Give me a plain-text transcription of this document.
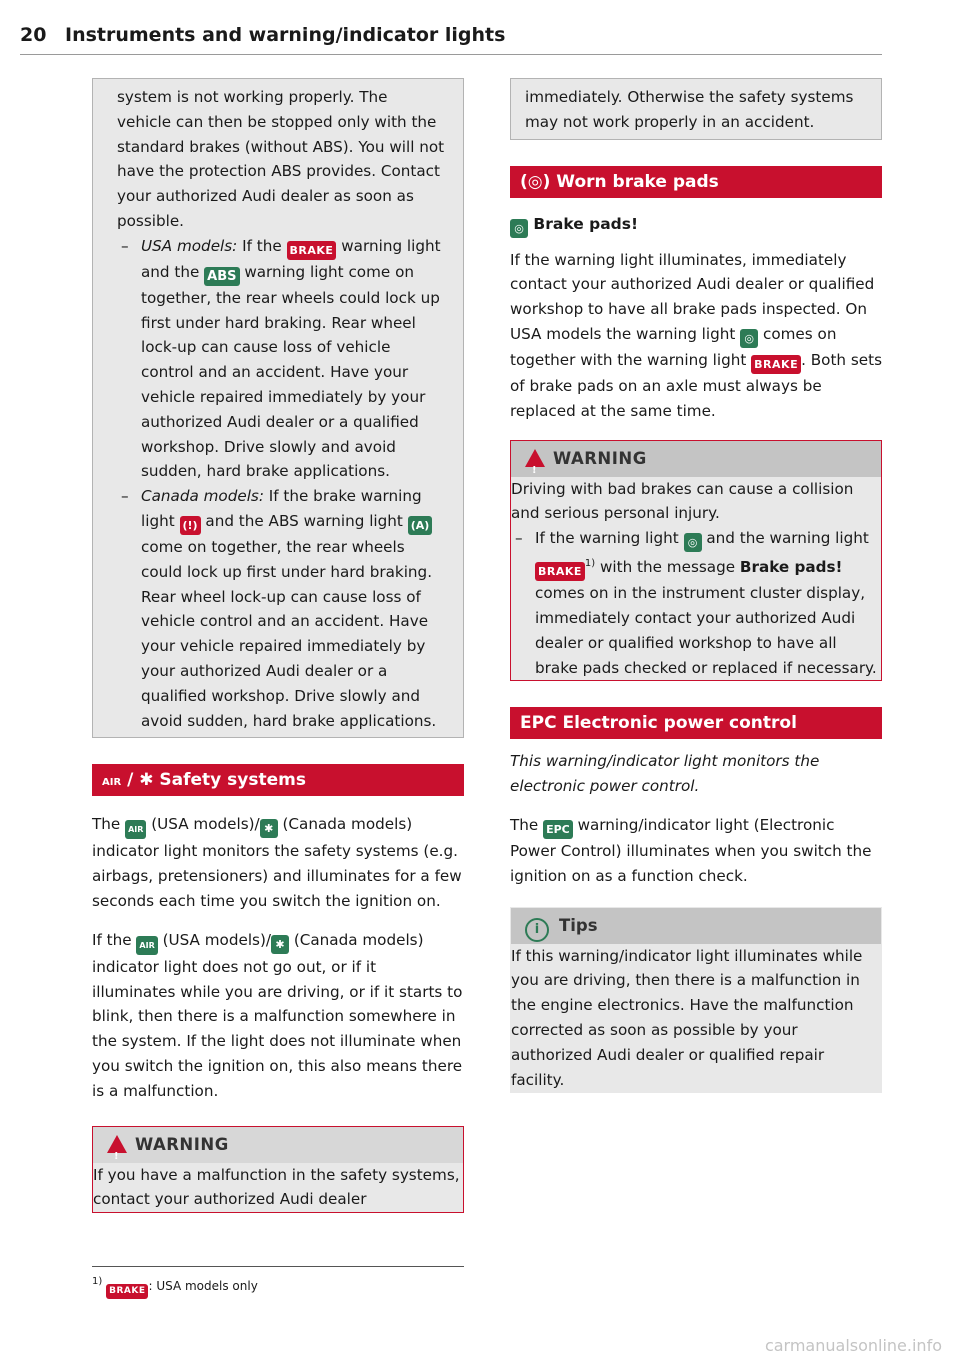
20 Instruments and warning/indicator lights

system is not working properly. The vehicle can then be stopped only with the standard brakes (without ABS). You will not have the protection ABS provides. Contact your authorized Audi dealer as soon as possible.

– USA models: If the BRAKE warning light and the ABS warning light come on together, the rear wheels could lock up first under hard braking. Rear wheel lock-up can cause loss of vehicle control and an accident. Have your vehicle repaired immediately by your authorized Audi dealer or a qualified workshop. Drive slowly and avoid sudden, hard brake applications.

– Canada models: If the brake warning light (!) and the ABS warning light (A) come on together, the rear wheels could lock up first under hard braking. Rear wheel lock-up can cause loss of vehicle control and an accident. Have your vehicle repaired immediately by your authorized Audi dealer or a qualified workshop. Drive slowly and avoid sudden, hard brake applications.

AIR / ✱ Safety systems

The AIR (USA models)/ ✱ (Canada models) indicator light monitors the safety systems (e.g. airbags, pretensioners) and illuminates for a few seconds each time you switch the ignition on.

If the AIR (USA models)/ ✱ (Canada models) indicator light does not go out, or if it illuminates while you are driving, or if it starts to blink, then there is a malfunction somewhere in the system. If the light does not illuminate when you switch the ignition on, this also means there is a malfunction.

!
WARNING

If you have a malfunction in the safety systems, contact your authorized Audi dealer

$^{1)}$ BRAKE : USA models only

immediately. Otherwise the safety systems may not work properly in an accident.

(◎) Worn brake pads

◎ Brake pads!

If the warning light illuminates, immediately contact your authorized Audi dealer or qualified workshop to have all brake pads inspected. On USA models the warning light ◎ comes on together with the warning light BRAKE . Both sets of brake pads on an axle must always be replaced at the same time.

!
WARNING

Driving with bad brakes can cause a collision and serious personal injury.

– If the warning light ◎ and the warning light BRAKE$^{1)}$ with the message Brake pads! comes on in the instrument cluster display, immediately contact your authorized Audi dealer or qualified workshop to have all brake pads checked or replaced if necessary.

EPC Electronic power control

This warning/indicator light monitors the electronic power control.

The EPC warning/indicator light (Electronic Power Control) illuminates when you switch the ignition on as a function check.

i Tips

If this warning/indicator light illuminates while you are driving, then there is a malfunction in the engine electronics. Have the malfunction corrected as soon as possible by your authorized Audi dealer or qualified repair facility.

carmanualsonline.info
